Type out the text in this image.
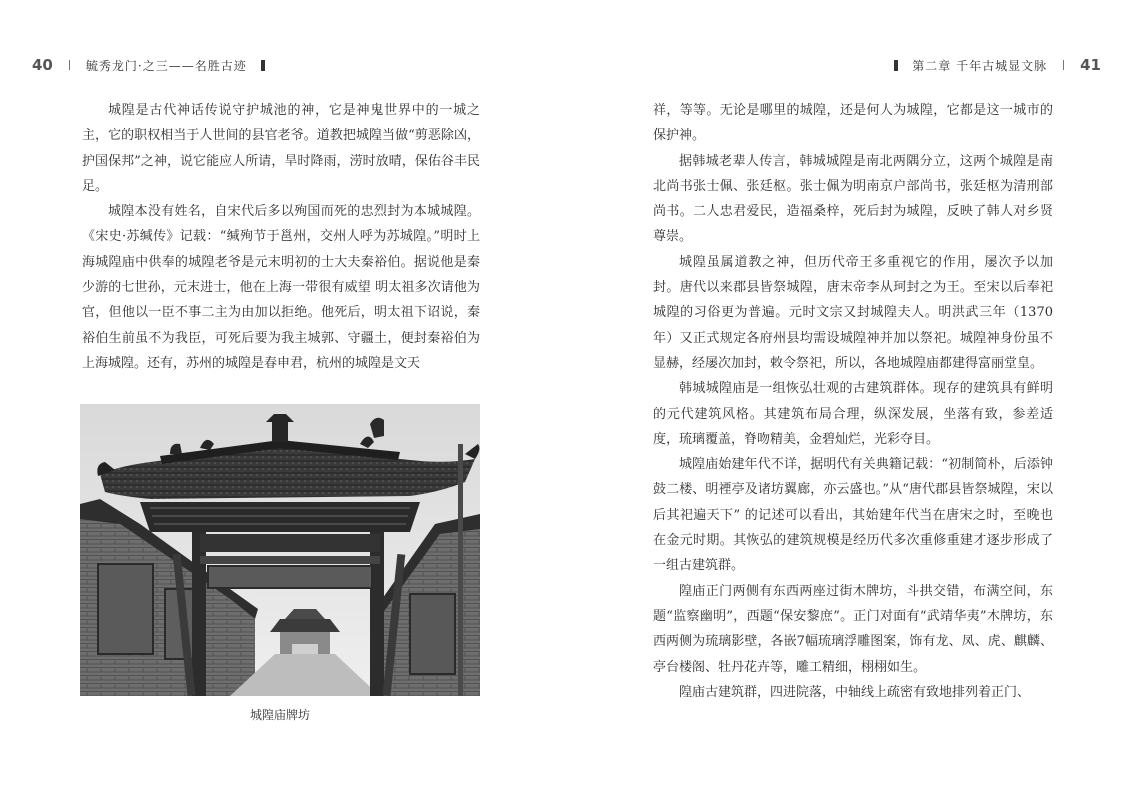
40	毓秀龙门·之三——名胜古迹

城隍是古代神话传说守护城池的神，它是神鬼世界中的一城之主，它的职权相当于人世间的县官老爷。道教把城隍当做“剪恶除凶，护国保邦”之神，说它能应人所请，旱时降雨，涝时放晴，保佑谷丰民足。

城隍本没有姓名，自宋代后多以殉国而死的忠烈封为本城城隍。《宋史·苏缄传》记载：“缄殉节于邕州，交州人呼为苏城隍。”明时上海城隍庙中供奉的城隍老爷是元末明初的士大夫秦裕伯。据说他是秦少游的七世孙，元末进士，他在上海一带很有威望 明太祖多次请他为官，但他以一臣不事二主为由加以拒绝。他死后，明太祖下诏说，秦裕伯生前虽不为我臣，可死后要为我主城郭、守疆土，便封秦裕伯为上海城隍。还有，苏州的城隍是春申君，杭州的城隍是文天

城隍庙牌坊
第二章 千年古城显文脉 41

祥，等等。无论是哪里的城隍，还是何人为城隍，它都是这一城市的保护神。

据韩城老辈人传言，韩城城隍是南北两隅分立，这两个城隍是南北尚书张士佩、张廷枢。张士佩为明南京户部尚书，张廷枢为清刑部尚书。二人忠君爱民，造福桑梓，死后封为城隍，反映了韩人对乡贤尊崇。

城隍虽属道教之神，但历代帝王多重视它的作用，屡次予以加封。唐代以来郡县皆祭城隍，唐末帝李从珂封之为王。至宋以后奉祀城隍的习俗更为普遍。元时文宗又封城隍夫人。明洪武三年（1370年）又正式规定各府州县均需设城隍神并加以祭祀。城隍神身份虽不显赫，经屡次加封，敕令祭祀，所以，各地城隍庙都建得富丽堂皇。

韩城城隍庙是一组恢弘壮观的古建筑群体。现存的建筑具有鲜明的元代建筑风格。其建筑布局合理，纵深发展，坐落有致，参差适度，琉璃覆盖，脊吻精美，金碧灿烂，光彩夺目。

城隍庙始建年代不详，据明代有关典籍记载：“初制简朴，后添钟鼓二楼、明禋亭及诸坊翼廊，亦云盛也。”从“唐代郡县皆祭城隍，宋以后其祀遍天下” 的记述可以看出，其始建年代当在唐宋之时，至晚也在金元时期。其恢弘的建筑规模是经历代多次重修重建才逐步形成了一组古建筑群。

隍庙正门两侧有东西两座过街木牌坊，斗拱交错，布满空间，东题“监察幽明”，西题“保安黎庶”。正门对面有“武靖华夷”木牌坊，东西两侧为琉璃影壁，各嵌7幅琉璃浮雕图案，饰有龙、凤、虎、麒麟、亭台楼阁、牡丹花卉等，雕工精细，栩栩如生。

隍庙古建筑群，四进院落，中轴线上疏密有致地排列着正门、
